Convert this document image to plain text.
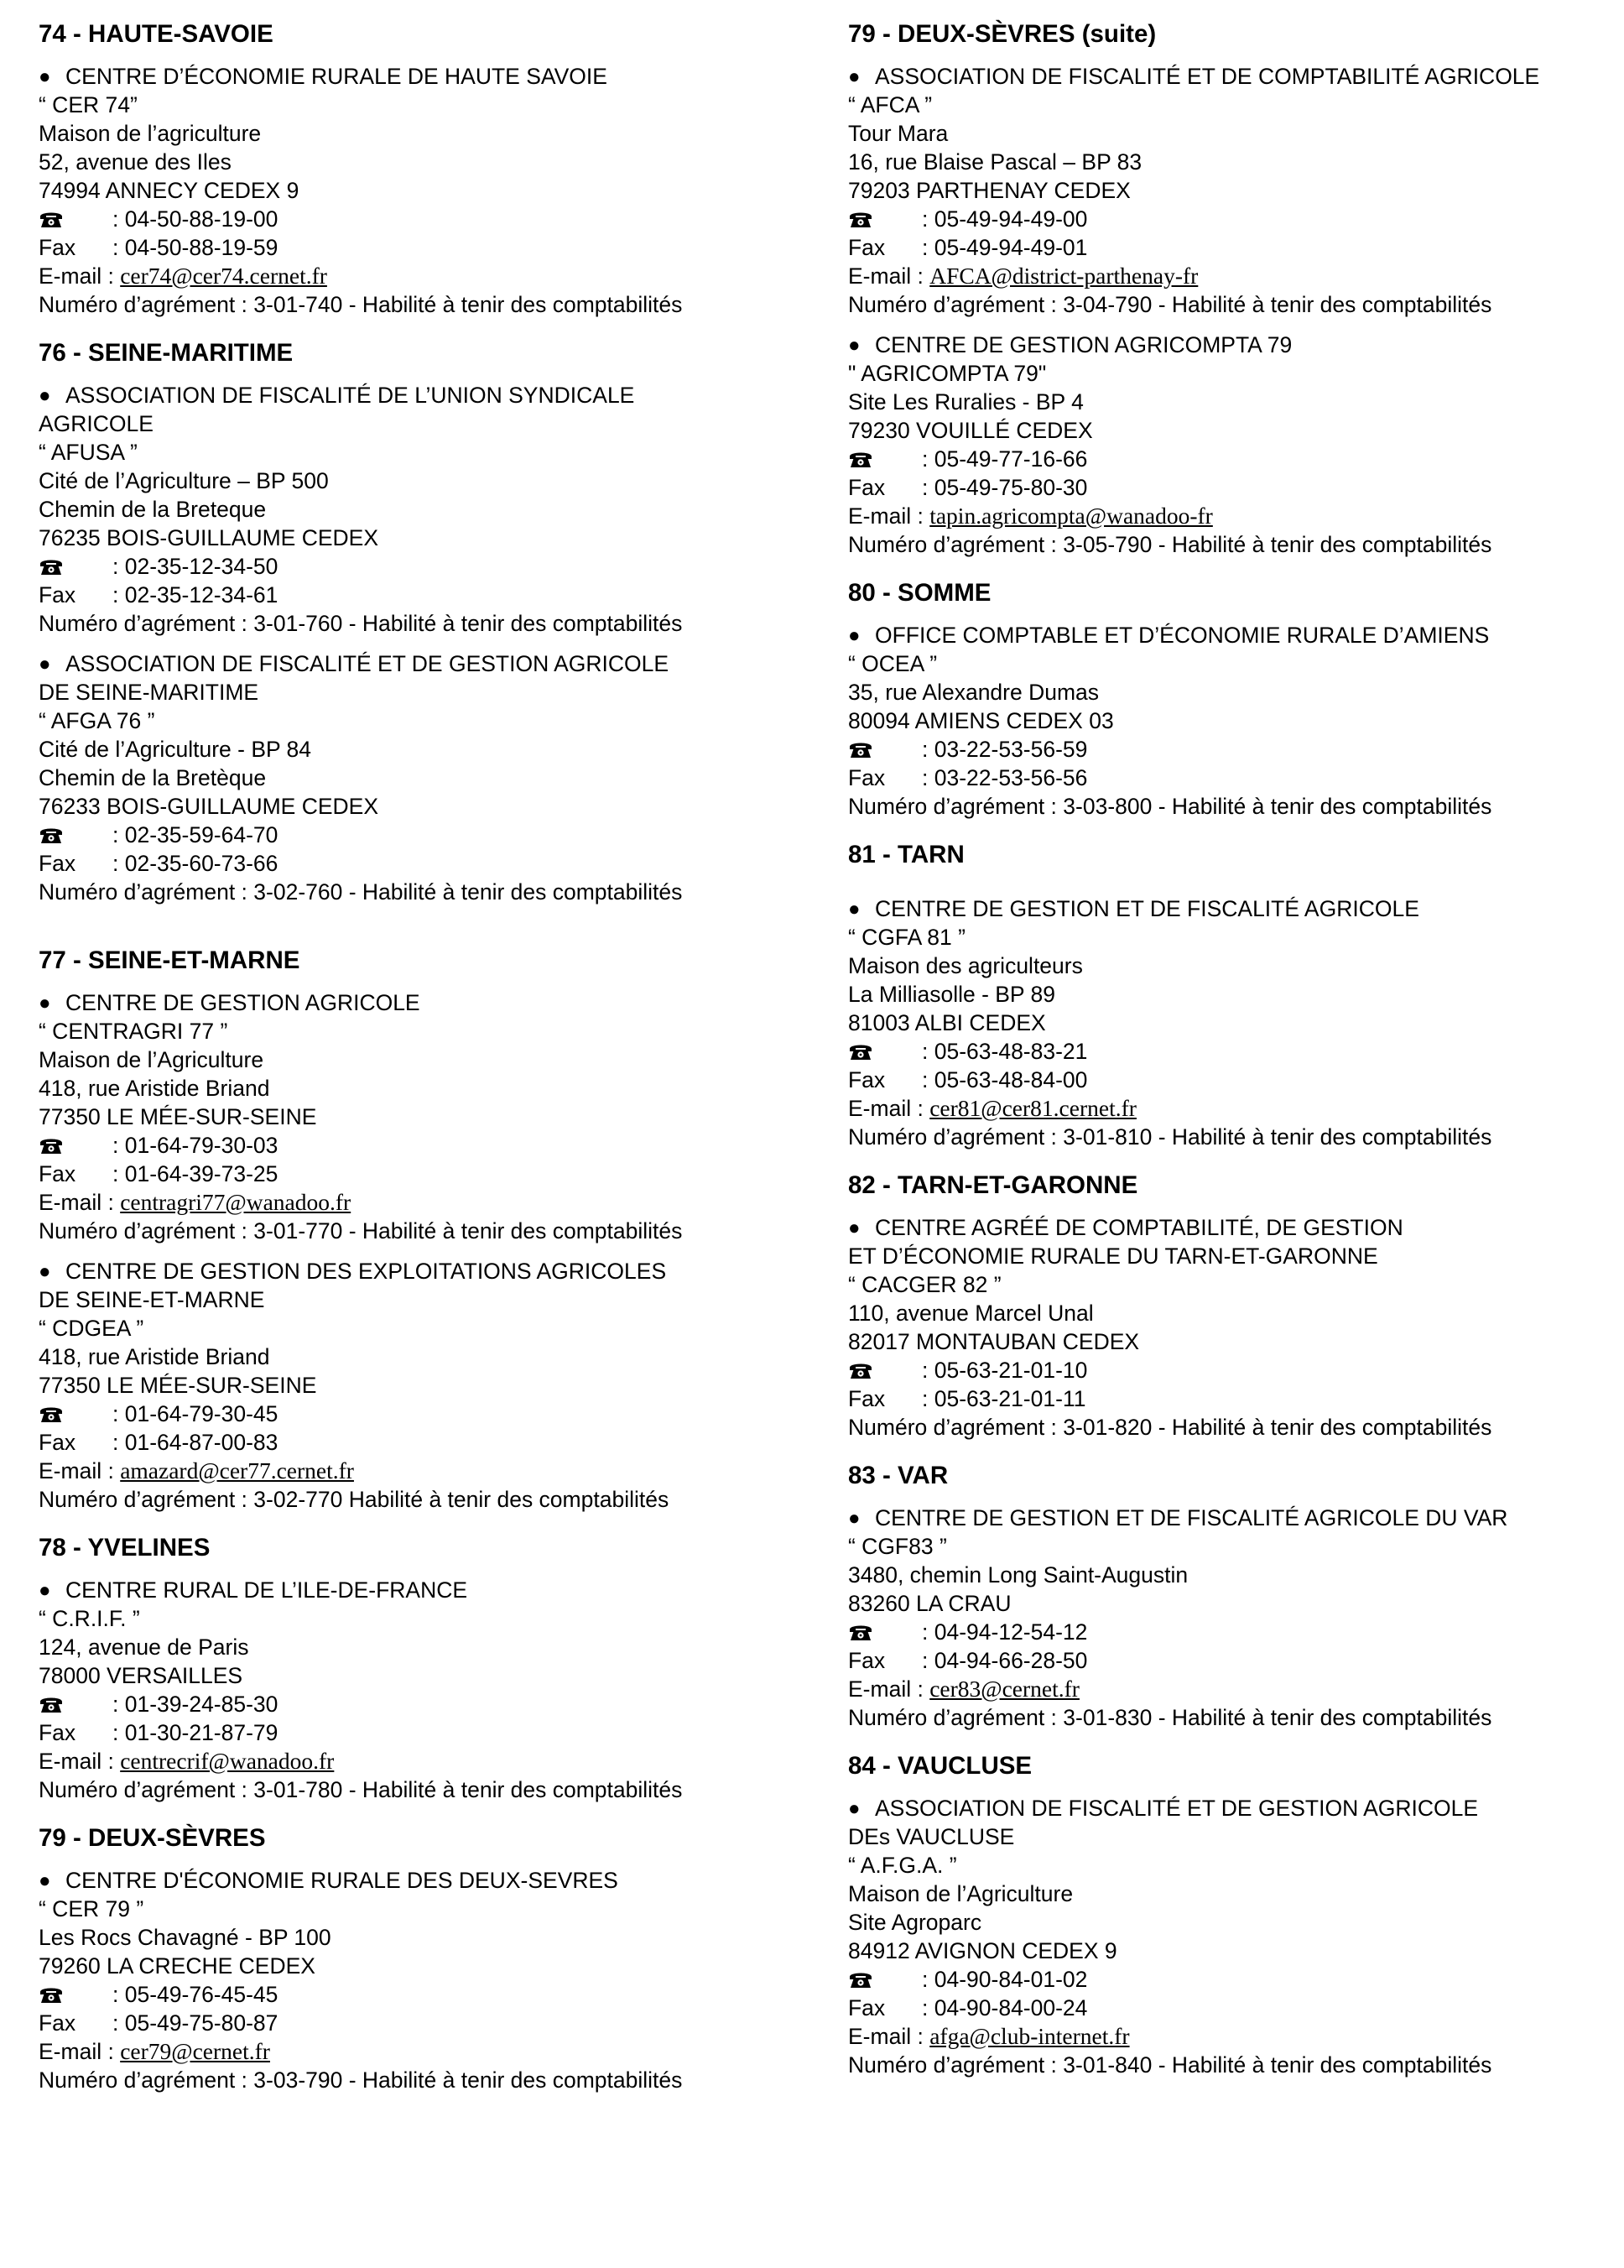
74 - HAUTE-SAVOIE
● CENTRE D’ÉCONOMIE RURALE DE HAUTE SAVOIE
“ CER 74”
Maison de l’agriculture
52, avenue des Iles
74994 ANNECY CEDEX 9
: 04-50-88-19-00
Fax : 04-50-88-19-59
E-mail : cer74@cer74.cernet.fr
Numéro d’agrément : 3-01-740 - Habilité à tenir des comptabilités
76 - SEINE-MARITIME
● ASSOCIATION DE FISCALITÉ DE L’UNION SYNDICALE
AGRICOLE
“ AFUSA ”
Cité de l’Agriculture – BP 500
Chemin de la Breteque
76235 BOIS-GUILLAUME CEDEX
: 02-35-12-34-50
Fax : 02-35-12-34-61
Numéro d’agrément : 3-01-760 - Habilité à tenir des comptabilités
● ASSOCIATION DE FISCALITÉ ET DE GESTION AGRICOLE
DE SEINE-MARITIME
“ AFGA 76 ”
Cité de l’Agriculture - BP 84
Chemin de la Bretèque
76233 BOIS-GUILLAUME CEDEX
: 02-35-59-64-70
Fax : 02-35-60-73-66
Numéro d’agrément : 3-02-760 - Habilité à tenir des comptabilités
77 - SEINE-ET-MARNE
● CENTRE DE GESTION AGRICOLE
“ CENTRAGRI 77 ”
Maison de l’Agriculture
418, rue Aristide Briand
77350 LE MÉE-SUR-SEINE
: 01-64-79-30-03
Fax : 01-64-39-73-25
E-mail : centragri77@wanadoo.fr
Numéro d’agrément : 3-01-770 - Habilité à tenir des comptabilités
● CENTRE DE GESTION DES EXPLOITATIONS AGRICOLES
DE SEINE-ET-MARNE
“ CDGEA ”
418, rue Aristide Briand
77350 LE MÉE-SUR-SEINE
: 01-64-79-30-45
Fax : 01-64-87-00-83
E-mail : amazard@cer77.cernet.fr
Numéro d’agrément : 3-02-770 Habilité à tenir des comptabilités
78 - YVELINES
● CENTRE RURAL DE L’ILE-DE-FRANCE
“ C.R.I.F. ”
124, avenue de Paris
78000 VERSAILLES
: 01-39-24-85-30
Fax : 01-30-21-87-79
E-mail : centrecrif@wanadoo.fr
Numéro d’agrément : 3-01-780 - Habilité à tenir des comptabilités
79 - DEUX-SÈVRES
● CENTRE D'ÉCONOMIE RURALE DES DEUX-SEVRES
“ CER 79 ”
Les Rocs Chavagné - BP 100
79260 LA CRECHE CEDEX
: 05-49-76-45-45
Fax : 05-49-75-80-87
E-mail : cer79@cernet.fr
Numéro d’agrément : 3-03-790 - Habilité à tenir des comptabilités
79 - DEUX-SÈVRES (suite)
● ASSOCIATION DE FISCALITÉ ET DE COMPTABILITÉ AGRICOLE
“ AFCA ”
Tour Mara
16, rue Blaise Pascal – BP 83
79203 PARTHENAY CEDEX
: 05-49-94-49-00
Fax : 05-49-94-49-01
E-mail : AFCA@district-parthenay-fr
Numéro d’agrément : 3-04-790 - Habilité à tenir des comptabilités
● CENTRE DE GESTION AGRICOMPTA 79
" AGRICOMPTA 79"
Site Les Ruralies - BP 4
79230 VOUILLÉ CEDEX
: 05-49-77-16-66
Fax : 05-49-75-80-30
E-mail : tapin.agricompta@wanadoo-fr
Numéro d’agrément : 3-05-790 - Habilité à tenir des comptabilités
80 - SOMME
● OFFICE COMPTABLE ET D’ÉCONOMIE RURALE D’AMIENS
“ OCEA ”
35, rue Alexandre Dumas
80094 AMIENS CEDEX 03
: 03-22-53-56-59
Fax : 03-22-53-56-56
Numéro d’agrément : 3-03-800 - Habilité à tenir des comptabilités
81 - TARN
● CENTRE DE GESTION ET DE FISCALITÉ AGRICOLE
“ CGFA 81 ”
Maison des agriculteurs
La Milliasolle - BP 89
81003 ALBI CEDEX
: 05-63-48-83-21
Fax : 05-63-48-84-00
E-mail : cer81@cer81.cernet.fr
Numéro d’agrément : 3-01-810 - Habilité à tenir des comptabilités
82 - TARN-ET-GARONNE
● CENTRE AGRÉÉ DE COMPTABILITÉ, DE GESTION
ET D’ÉCONOMIE RURALE DU TARN-ET-GARONNE
“ CACGER 82 ”
110, avenue Marcel Unal
82017 MONTAUBAN CEDEX
: 05-63-21-01-10
Fax : 05-63-21-01-11
Numéro d’agrément : 3-01-820 - Habilité à tenir des comptabilités
83 - VAR
● CENTRE DE GESTION ET DE FISCALITÉ AGRICOLE DU VAR
“ CGF83 ”
3480, chemin Long Saint-Augustin
83260 LA CRAU
: 04-94-12-54-12
Fax : 04-94-66-28-50
E-mail : cer83@cernet.fr
Numéro d’agrément : 3-01-830 - Habilité à tenir des comptabilités
84 - VAUCLUSE
● ASSOCIATION DE FISCALITÉ ET DE GESTION AGRICOLE
DEs VAUCLUSE
“ A.F.G.A. ”
Maison de l’Agriculture
Site Agroparc
84912 AVIGNON CEDEX 9
: 04-90-84-01-02
Fax : 04-90-84-00-24
E-mail : afga@club-internet.fr
Numéro d’agrément : 3-01-840 - Habilité à tenir des comptabilités
